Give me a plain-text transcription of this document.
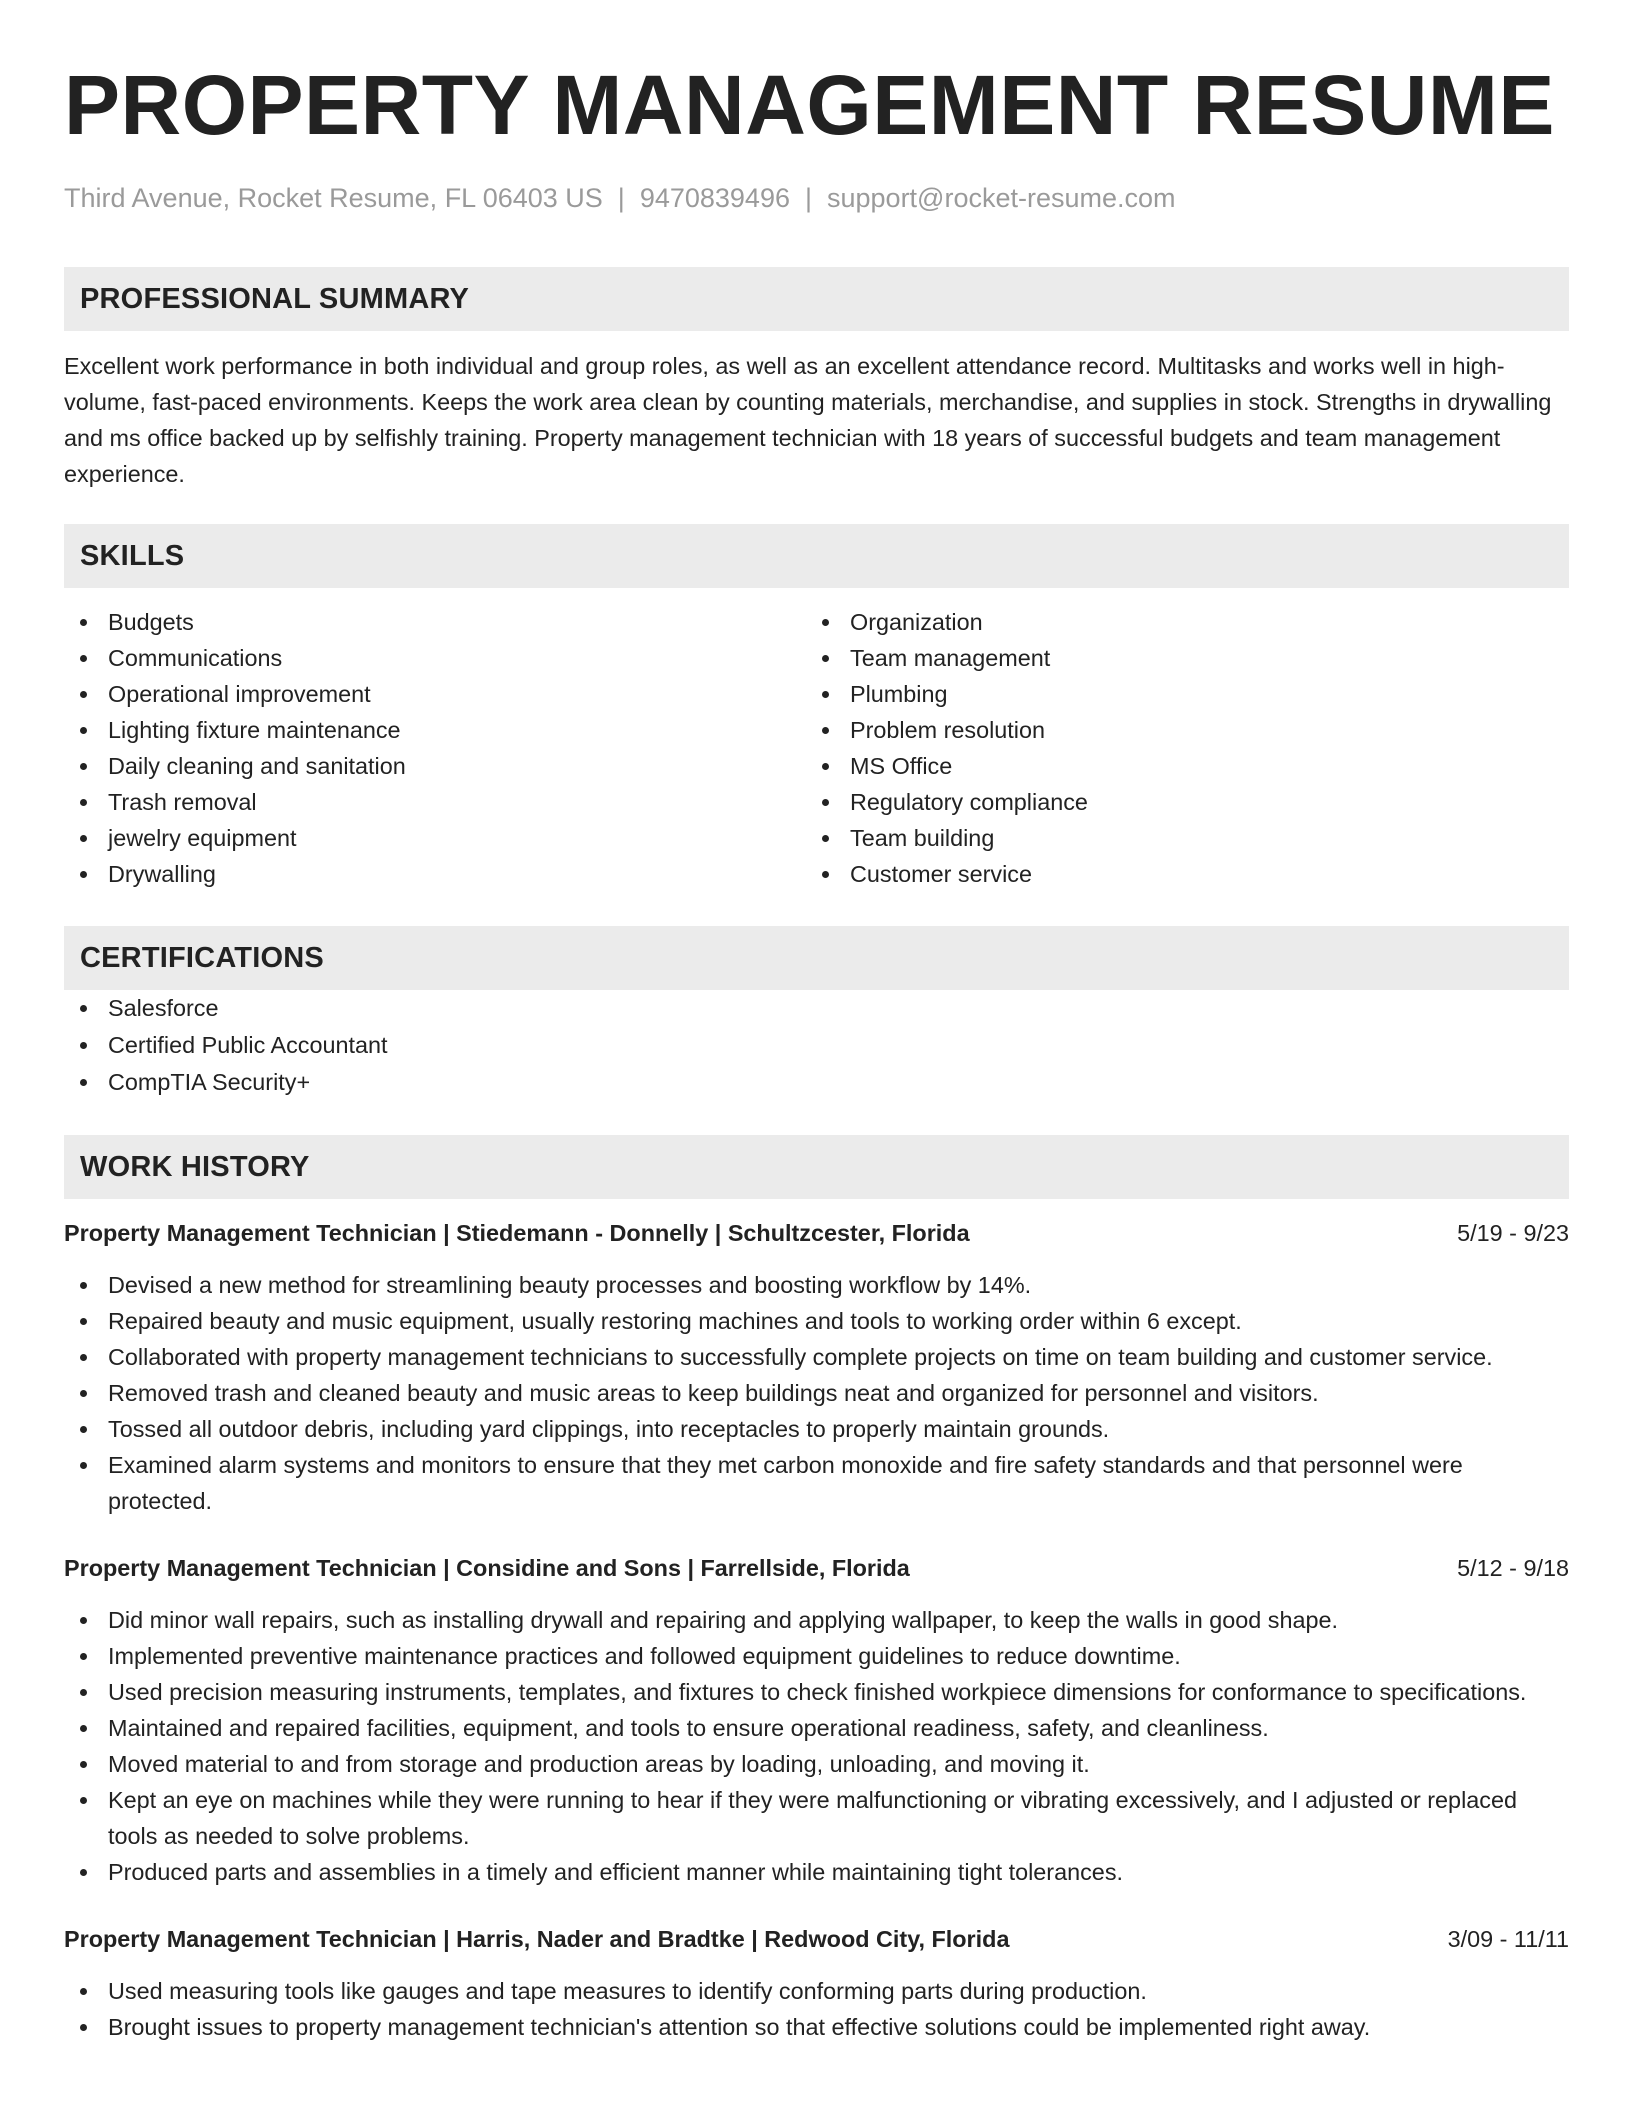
PROPERTY MANAGEMENT RESUME
Third Avenue, Rocket Resume, FL 06403 US | 9470839496 | support@rocket-resume.com
PROFESSIONAL SUMMARY

Excellent work performance in both individual and group roles, as well as an excellent attendance record. Multitasks and works well in high-volume, fast-paced environments. Keeps the work area clean by counting materials, merchandise, and supplies in stock. Strengths in drywalling and ms office backed up by selfishly training. Property management technician with 18 years of successful budgets and team management experience.

SKILLS
Budgets
Communications
Operational improvement
Lighting fixture maintenance
Daily cleaning and sanitation
Trash removal
jewelry equipment
Drywalling
Organization
Team management
Plumbing
Problem resolution
MS Office
Regulatory compliance
Team building
Customer service
CERTIFICATIONS
Salesforce
Certified Public Accountant
CompTIA Security+
WORK HISTORY
Property Management Technician | Stiedemann - Donnelly | Schultzcester, Florida	5/19 - 9/23
Devised a new method for streamlining beauty processes and boosting workflow by 14%.
Repaired beauty and music equipment, usually restoring machines and tools to working order within 6 except.
Collaborated with property management technicians to successfully complete projects on time on team building and customer service.
Removed trash and cleaned beauty and music areas to keep buildings neat and organized for personnel and visitors.
Tossed all outdoor debris, including yard clippings, into receptacles to properly maintain grounds.
Examined alarm systems and monitors to ensure that they met carbon monoxide and fire safety standards and that personnel were protected.
Property Management Technician | Considine and Sons | Farrellside, Florida	5/12 - 9/18
Did minor wall repairs, such as installing drywall and repairing and applying wallpaper, to keep the walls in good shape.
Implemented preventive maintenance practices and followed equipment guidelines to reduce downtime.
Used precision measuring instruments, templates, and fixtures to check finished workpiece dimensions for conformance to specifications.
Maintained and repaired facilities, equipment, and tools to ensure operational readiness, safety, and cleanliness.
Moved material to and from storage and production areas by loading, unloading, and moving it.
Kept an eye on machines while they were running to hear if they were malfunctioning or vibrating excessively, and I adjusted or replaced tools as needed to solve problems.
Produced parts and assemblies in a timely and efficient manner while maintaining tight tolerances.
Property Management Technician | Harris, Nader and Bradtke | Redwood City, Florida	3/09 - 11/11
Used measuring tools like gauges and tape measures to identify conforming parts during production.
Brought issues to property management technician's attention so that effective solutions could be implemented right away.
